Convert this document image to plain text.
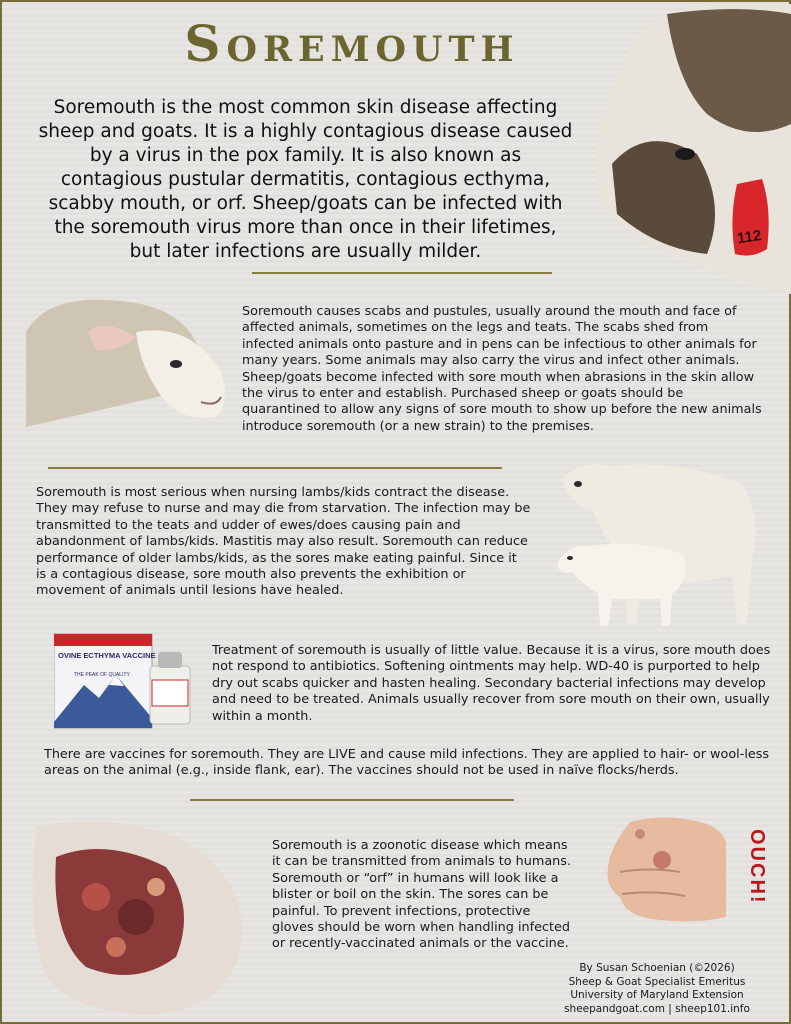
Soremouth
112
Soremouth is the most common skin disease affecting sheep and goats. It is a highly contagious disease caused by a virus in the pox family. It is also known as contagious pustular dermatitis, contagious ecthyma, scabby mouth, or orf. Sheep/goats can be infected with the soremouth virus more than once in their lifetimes, but later infections are usually milder.
Soremouth causes scabs and pustules, usually around the mouth and face of affected animals, sometimes on the legs and teats. The scabs shed from infected animals onto pasture and in pens can be infectious to other animals for many years. Some animals may also carry the virus and infect other animals. Sheep/goats become infected with sore mouth when abrasions in the skin allow the virus to enter and establish. Purchased sheep or goats should be quarantined to allow any signs of sore mouth to show up before the new animals introduce soremouth (or a new strain) to the premises.
Soremouth is most serious when nursing lambs/kids contract the disease. They may refuse to nurse and may die from starvation. The infection may be transmitted to the teats and udder of ewes/does causing pain and abandonment of lambs/kids. Mastitis may also result. Soremouth can reduce performance of older lambs/kids, as the sores make eating painful. Since it is a contagious disease, sore mouth also prevents the exhibition or movement of animals until lesions have healed.
OVINE ECTHYMA VACCINE
THE PEAK OF QUALITY
Treatment of soremouth is usually of little value. Because it is a virus, sore mouth does not respond to antibiotics. Softening ointments may help. WD-40 is purported to help dry out scabs quicker and hasten healing. Secondary bacterial infections may develop and need to be treated. Animals usually recover from sore mouth on their own, usually within a month.
There are vaccines for soremouth. They are LIVE and cause mild infections. They are applied to hair- or wool-less areas on the animal (e.g., inside flank, ear). The vaccines should not be used in naïve flocks/herds.
Soremouth is a zoonotic disease which means it can be transmitted from animals to humans. Soremouth or “orf” in humans will look like a blister or boil on the skin. The sores can be painful. To prevent infections, protective gloves should be worn when handling infected or recently-vaccinated animals or the vaccine.
OUCH!
By Susan Schoenian (©2026)
Sheep & Goat Specialist Emeritus
University of Maryland Extension
sheepandgoat.com | sheep101.info
